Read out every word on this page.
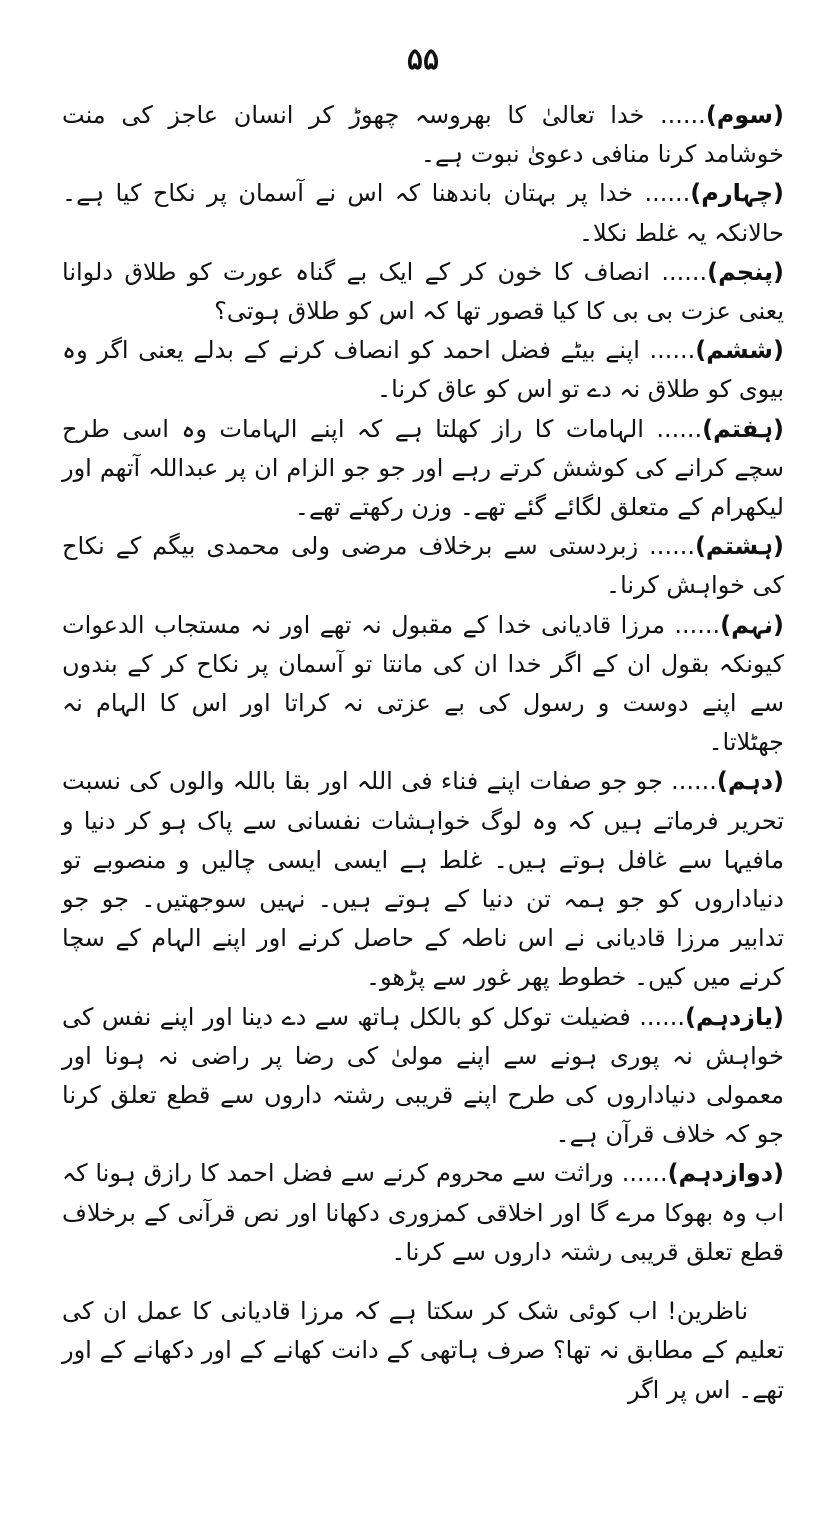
۵۵

(سوم)...... خدا تعالیٰ کا بھروسہ چھوڑ کر انسان عاجز کی منت خوشامد کرنا منافی دعویٰ نبوت ہے۔

(چہارم)...... خدا پر بہتان باندھنا کہ اس نے آسمان پر نکاح کیا ہے۔ حالانکہ یہ غلط نکلا۔

(پنجم)...... انصاف کا خون کر کے ایک بے گناہ عورت کو طلاق دلوانا یعنی عزت بی بی کا کیا قصور تھا کہ اس کو طلاق ہوتی؟

(ششم)...... اپنے بیٹے فضل احمد کو انصاف کرنے کے بدلے یعنی اگر وہ بیوی کو طلاق نہ دے تو اس کو عاق کرنا۔

(ہفتم)...... الہامات کا راز کھلتا ہے کہ اپنے الہامات وہ اسی طرح سچے کرانے کی کوشش کرتے رہے اور جو جو الزام ان پر عبداللہ آتھم اور لیکھرام کے متعلق لگائے گئے تھے۔ وزن رکھتے تھے۔

(ہشتم)...... زبردستی سے برخلاف مرضی ولی محمدی بیگم کے نکاح کی خواہش کرنا۔

(نہم)...... مرزا قادیانی خدا کے مقبول نہ تھے اور نہ مستجاب الدعوات کیونکہ بقول ان کے اگر خدا ان کی مانتا تو آسمان پر نکاح کر کے بندوں سے اپنے دوست و رسول کی بے عزتی نہ کراتا اور اس کا الہام نہ جھٹلاتا۔

(دہم)...... جو جو صفات اپنے فناء فی اللہ اور بقا باللہ والوں کی نسبت تحریر فرماتے ہیں کہ وہ لوگ خواہشات نفسانی سے پاک ہو کر دنیا و مافیہا سے غافل ہوتے ہیں۔ غلط ہے ایسی ایسی چالیں و منصوبے تو دنیاداروں کو جو ہمہ تن دنیا کے ہوتے ہیں۔ نہیں سوجھتیں۔ جو جو تدابیر مرزا قادیانی نے اس ناطہ کے حاصل کرنے اور اپنے الہام کے سچا کرنے میں کیں۔ خطوط پھر غور سے پڑھو۔

(یازدہم)...... فضیلت توکل کو بالکل ہاتھ سے دے دینا اور اپنے نفس کی خواہش نہ پوری ہونے سے اپنے مولیٰ کی رضا پر راضی نہ ہونا اور معمولی دنیاداروں کی طرح اپنے قریبی رشتہ داروں سے قطع تعلق کرنا جو کہ خلاف قرآن ہے۔

(دوازدہم)...... وراثت سے محروم کرنے سے فضل احمد کا رازق ہونا کہ اب وہ بھوکا مرے گا اور اخلاقی کمزوری دکھانا اور نص قرآنی کے برخلاف قطع تعلق قریبی رشتہ داروں سے کرنا۔

ناظرین! اب کوئی شک کر سکتا ہے کہ مرزا قادیانی کا عمل ان کی تعلیم کے مطابق نہ تھا؟ صرف ہاتھی کے دانت کھانے کے اور دکھانے کے اور تھے۔ اس پر اگر
